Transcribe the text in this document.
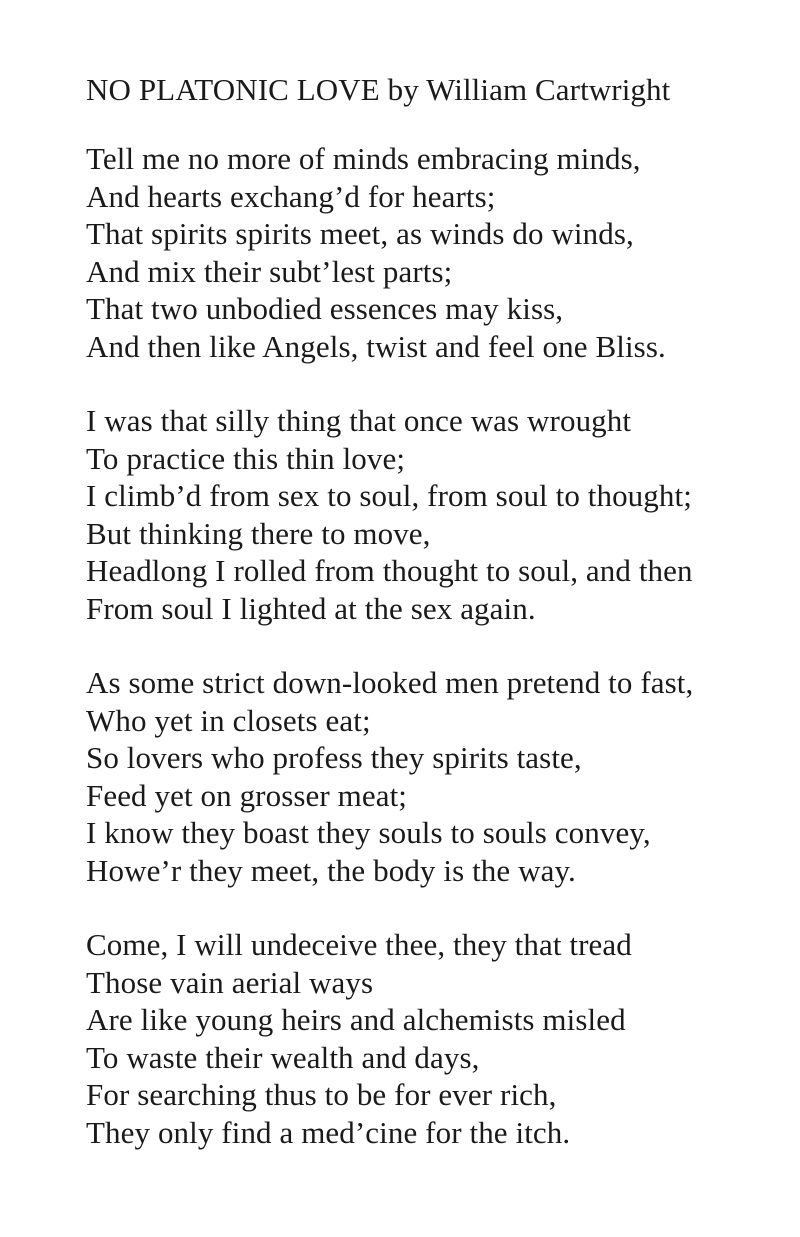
NO PLATONIC LOVE by William Cartwright
Tell me no more of minds embracing minds,
And hearts exchang’d for hearts;
That spirits spirits meet, as winds do winds,
And mix their subt’lest parts;
That two unbodied essences may kiss,
And then like Angels, twist and feel one Bliss.
I was that silly thing that once was wrought
To practice this thin love;
I climb’d from sex to soul, from soul to thought;
But thinking there to move,
Headlong I rolled from thought to soul, and then
From soul I lighted at the sex again.
As some strict down-looked men pretend to fast,
Who yet in closets eat;
So lovers who profess they spirits taste,
Feed yet on grosser meat;
I know they boast they souls to souls convey,
Howe’r they meet, the body is the way.
Come, I will undeceive thee, they that tread
Those vain aerial ways
Are like young heirs and alchemists misled
To waste their wealth and days,
For searching thus to be for ever rich,
They only find a med’cine for the itch.
